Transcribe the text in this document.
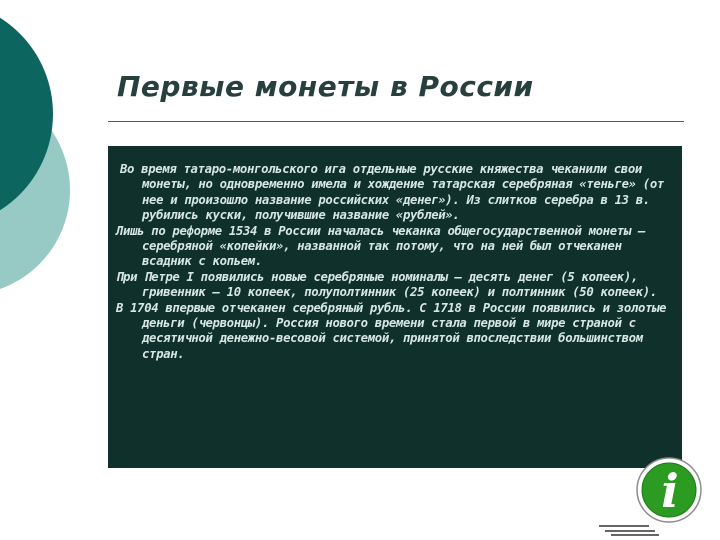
Первые монеты в России

Во время татаро-монгольского ига отдельные русские княжества чеканили свои монеты, но одновременно имела и хождение татарская серебряная «теньге» (от нее и произошло название российских «денег»). Из слитков серебра в 13 в. рубились куски, получившие название «рублей».

Лишь по реформе 1534 в России началась чеканка общегосударственной монеты — серебряной «копейки», названной так потому, что на ней был отчеканен всадник с копьем.

При Петре I появились новые серебряные номиналы — десять денег (5 копеек), гривенник — 10 копеек, полуполтинник (25 копеек) и полтинник (50 копеек).

В 1704 впервые отчеканен серебряный рубль. С 1718 в России появились и золотые деньги (червонцы). Россия нового времени стала первой в мире страной с десятичной денежно-весовой системой, принятой впоследствии большинством стран.

i
